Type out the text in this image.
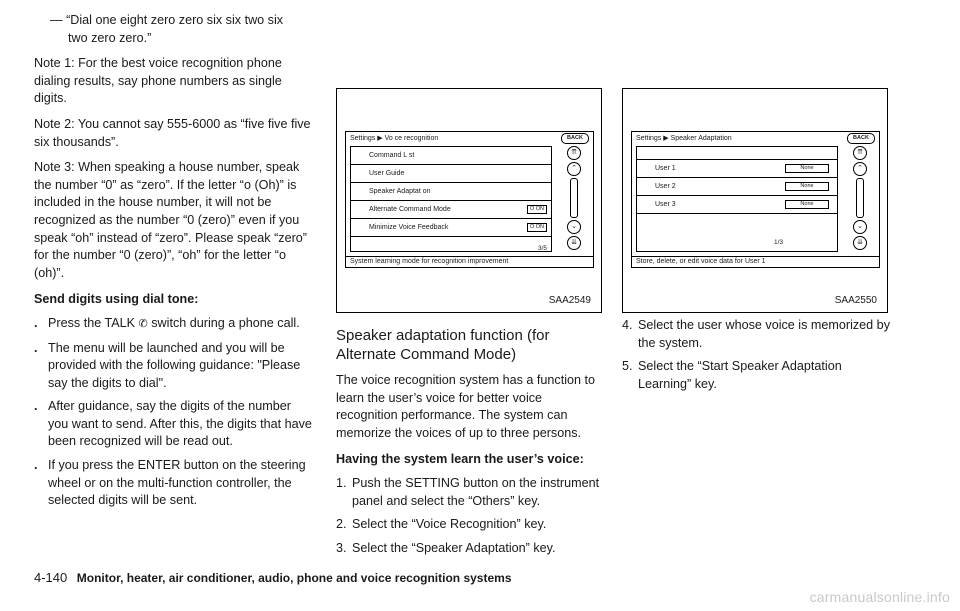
— “Dial one eight zero zero six six two six
two zero zero.”

Note 1: For the best voice recognition phone dialing results, say phone numbers as single digits.

Note 2: You cannot say 555-6000 as “five five five six thousands”.

Note 3: When speaking a house number, speak the number “0” as “zero”. If the letter “o (Oh)” is included in the house number, it will not be recognized as the number “0 (zero)” even if you speak “oh” instead of “zero”. Please speak “zero” for the number “0 (zero)”, “oh” for the letter “o (oh)”.

Send digits using dial tone:

. Press the TALK ✆ switch during a phone call.

. The menu will be launched and you will be provided with the following guidance: "Please say the digits to dial".

. After guidance, say the digits of the number you want to send. After this, the digits that have been recognized will be read out.

. If you press the ENTER button on the steering wheel or on the multi-function controller, the selected digits will be sent.

Settings ▶ Vo ce recognition	BACK
Command L st
User Guide
Speaker Adaptat on
Alternate Command Mode	O ON
Minimize Voice Feedback	O ON
3/5
⇈
⌃
⌄
⇊
System learning mode for recognition improvement
SAA2549

Speaker adaptation function (for Alternate Command Mode)

The voice recognition system has a function to learn the user’s voice for better voice recognition performance. The system can memorize the voices of up to three persons.

Having the system learn the user’s voice:

1. Push the SETTING button on the instrument panel and select the “Others” key.

2. Select the “Voice Recognition” key.

3. Select the “Speaker Adaptation” key.

Settings ▶ Speaker Adaptation	BACK
User 1	None
User 2	None
User 3	None
1/3
⇈
⌃
⌄
⇊
Store, delete, or edit voice data for User 1
SAA2550

4. Select the user whose voice is memorized by the system.

5. Select the “Start Speaker Adaptation Learning” key.

4-140 Monitor, heater, air conditioner, audio, phone and voice recognition systems
carmanualsonline.info
